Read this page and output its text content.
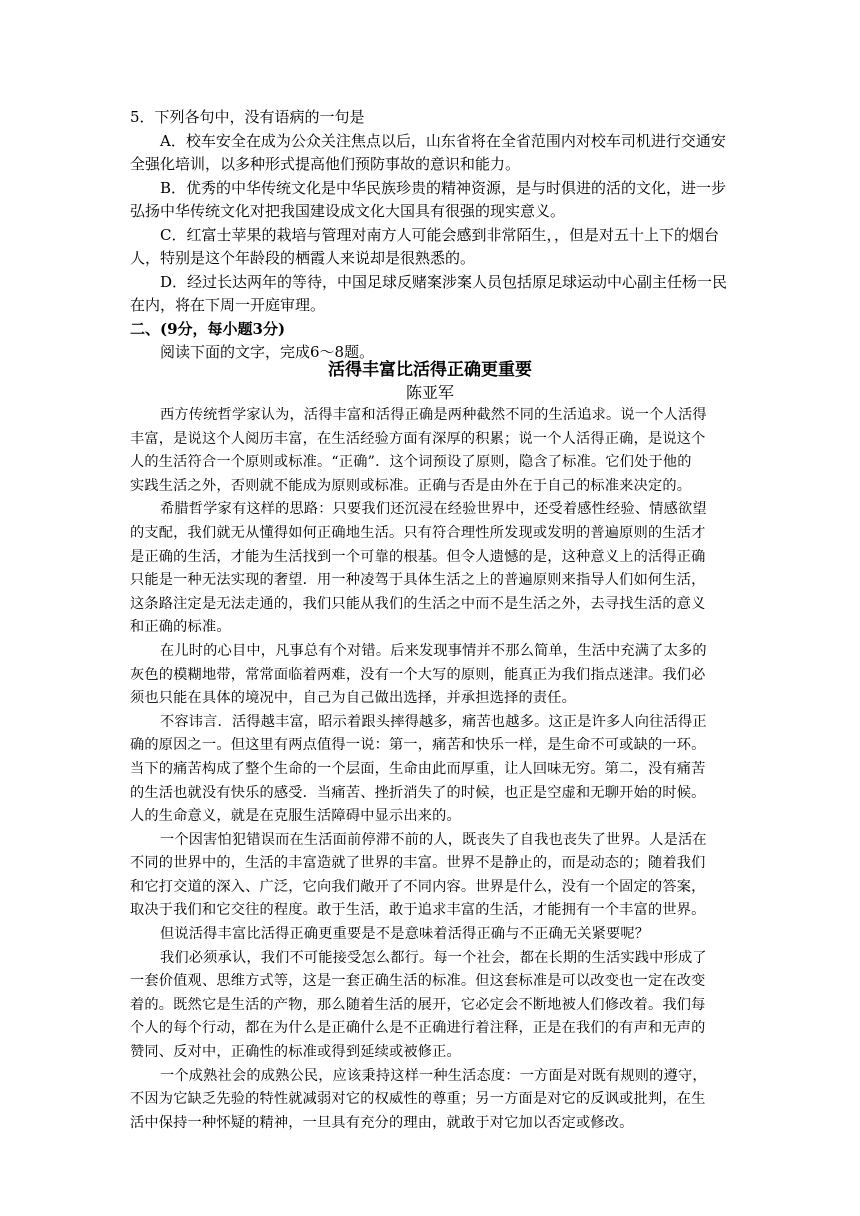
5．下列各句中，没有语病的一句是

A．校车安全在成为公众关注焦点以后，山东省将在全省范围内对校车司机进行交通安

全强化培训，以多种形式提高他们预防事故的意识和能力。

B．优秀的中华传统文化是中华民族珍贵的精神资源，是与时俱进的活的文化，进一步

弘扬中华传统文化对把我国建设成文化大国具有很强的现实意义。

C．红富士苹果的栽培与管理对南方人可能会感到非常陌生，，但是对五十上下的烟台

人，特别是这个年龄段的栖霞人来说却是很熟悉的。

D．经过长达两年的等待，中国足球反赌案涉案人员包括原足球运动中心副主任杨一民

在内，将在下周一开庭审理。

二、(9分，每小题3分)

阅读下面的文字，完成6～8题。

活得丰富比活得正确更重要

陈亚军

西方传统哲学家认为，活得丰富和活得正确是两种截然不同的生活追求。说一个人活得

丰富，是说这个人阅历丰富，在生活经验方面有深厚的积累；说一个人活得正确，是说这个

人的生活符合一个原则或标准。“正确”．这个词预设了原则，隐含了标准。它们处于他的

实践生活之外，否则就不能成为原则或标准。正确与否是由外在于自己的标准来决定的。

希腊哲学家有这样的思路：只要我们还沉浸在经验世界中，还受着感性经验、情感欲望

的支配，我们就无从懂得如何正确地生活。只有符合理性所发现或发明的普遍原则的生活才

是正确的生活，才能为生活找到一个可靠的根基。但令人遗憾的是，这种意义上的活得正确

只能是一种无法实现的奢望．用一种凌驾于具体生活之上的普遍原则来指导人们如何生活，

这条路注定是无法走通的，我们只能从我们的生活之中而不是生活之外，去寻找生活的意义

和正确的标准。

在儿时的心目中，凡事总有个对错。后来发现事情并不那么简单，生活中充满了太多的

灰色的模糊地带，常常面临着两难，没有一个大写的原则，能真正为我们指点迷津。我们必

须也只能在具体的境况中，自己为自己做出选择，并承担选择的责任。

不容讳言．活得越丰富，昭示着跟头摔得越多，痛苦也越多。这正是许多人向往活得正

确的原因之一。但这里有两点值得一说：第一，痛苦和快乐一样，是生命不可或缺的一环。

当下的痛苦构成了整个生命的一个层面，生命由此而厚重，让人回味无穷。第二，没有痛苦

的生活也就没有快乐的感受．当痛苦、挫折消失了的时候，也正是空虚和无聊开始的时候。

人的生命意义，就是在克服生活障碍中显示出来的。

一个因害怕犯错误而在生活面前停滞不前的人，既丧失了自我也丧失了世界。人是活在

不同的世界中的，生活的丰富造就了世界的丰富。世界不是静止的，而是动态的；随着我们

和它打交道的深入、广泛，它向我们敞开了不同内容。世界是什么，没有一个固定的答案，

取决于我们和它交往的程度。敢于生活，敢于追求丰富的生活，才能拥有一个丰富的世界。

但说活得丰富比活得正确更重要是不是意味着活得正确与不正确无关紧要呢？

我们必须承认，我们不可能接受怎么都行。每一个社会，都在长期的生活实践中形成了

一套价值观、思维方式等，这是一套正确生活的标准。但这套标准是可以改变也一定在改变

着的。既然它是生活的产物，那么随着生活的展开，它必定会不断地被人们修改着。我们每

个人的每个行动，都在为什么是正确什么是不正确进行着注释，正是在我们的有声和无声的

赞同、反对中，正确性的标准或得到延续或被修正。

一个成熟社会的成熟公民，应该秉持这样一种生活态度：一方面是对既有规则的遵守，

不因为它缺乏先验的特性就减弱对它的权威性的尊重；另一方面是对它的反讽或批判，在生

活中保持一种怀疑的精神，一旦具有充分的理由，就敢于对它加以否定或修改。
